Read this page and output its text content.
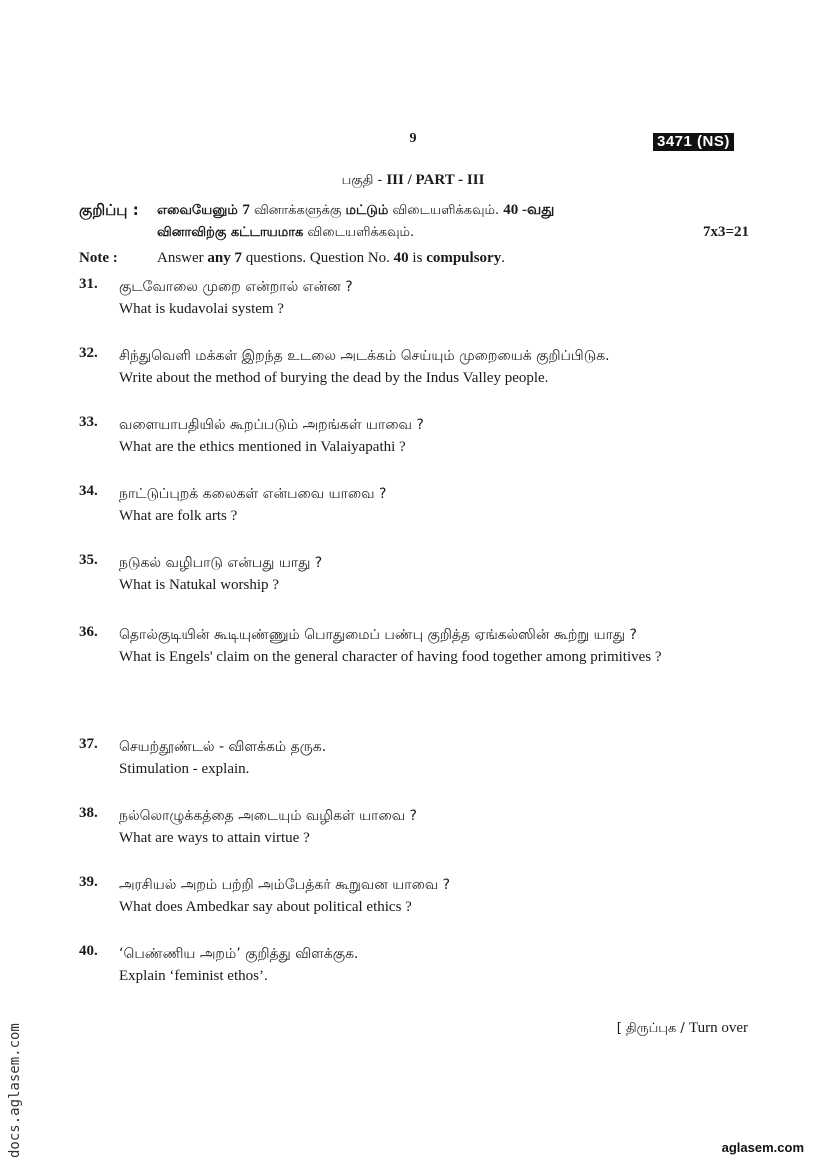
9	3471 (NS)
பகுதி - III / PART - III
குறிப்பு : எவையேனும் 7 வினாக்களுக்கு மட்டும் விடையளிக்கவும். 40 -வது
வினாவிற்கு கட்டாயமாக விடையளிக்கவும்.	7x3=21
Note :	Answer any 7 questions. Question No. 40 is compulsory.
31. குடவோலை முறை என்றால் என்ன ?
What is kudavolai system ?
32. சிந்துவெளி மக்கள் இறந்த உடலை அடக்கம் செய்யும் முறையைக் குறிப்பிடுக.
Write about the method of burying the dead by the Indus Valley people.
33. வளையாபதியில் கூறப்படும் அறங்கள் யாவை ?
What are the ethics mentioned in Valaiyapathi ?
34. நாட்டுப்புறக் கலைகள் என்பவை யாவை ?
What are folk arts ?
35. நடுகல் வழிபாடு என்பது யாது ?
What is Natukal worship ?
36. தொல்குடியின் கூடியுண்ணும் பொதுமைப் பண்பு குறித்த ஏங்கல்ஸின் கூற்று யாது ?
What is Engels' claim on the general character of having food together among primitives ?
37. செயற்தூண்டல் - விளக்கம் தருக.
Stimulation - explain.
38. நல்லொழுக்கத்தை அடையும் வழிகள் யாவை ?
What are ways to attain virtue ?
39. அரசியல் அறம் பற்றி அம்பேத்கர் கூறுவன யாவை ?
What does Ambedkar say about political ethics ?
40. ‘பெண்ணிய அறம்’ குறித்து விளக்குக.
Explain ‘feminist ethos’.
[ திருப்புக / Turn over
docs.aglasem.com	aglasem.com
